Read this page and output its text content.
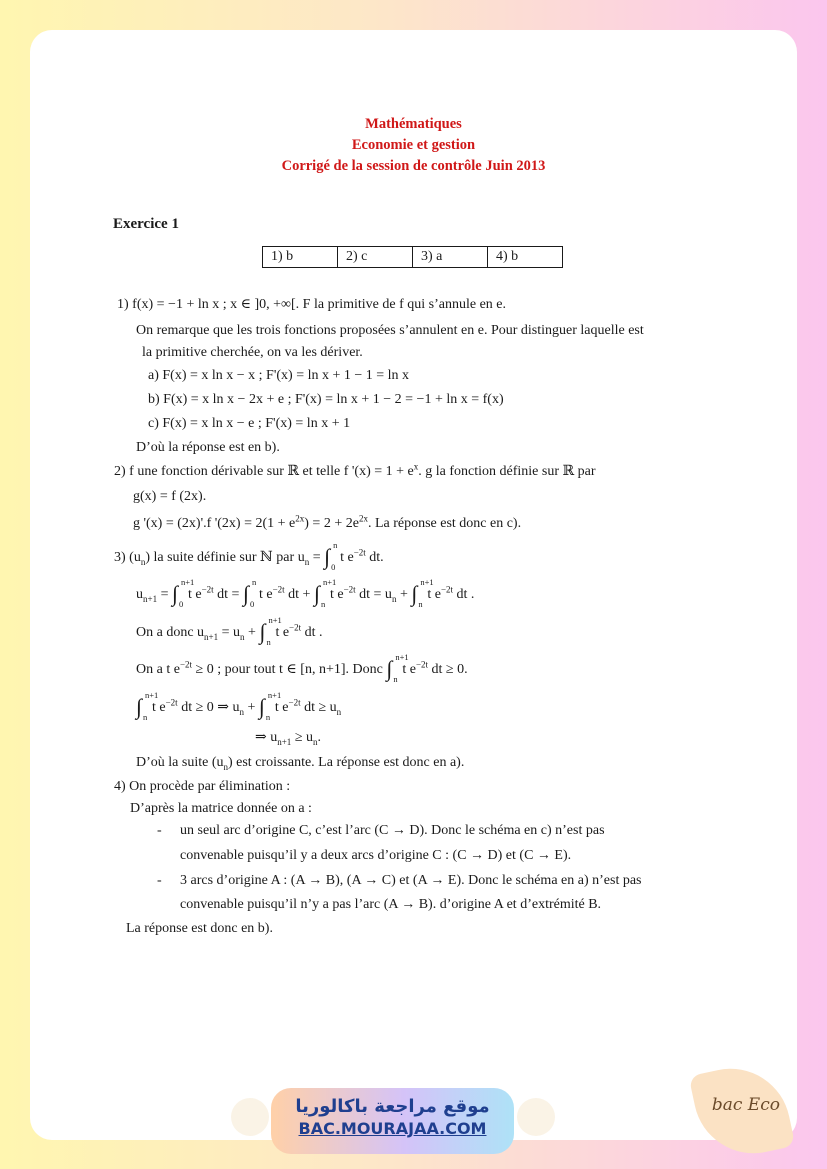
Mathématiques
Economie et gestion
Corrigé de la session de contrôle Juin 2013
Exercice 1
1) b	2) c	3) a	4) b
1) f(x) = −1 + ln x ; x ∈ ]0, +∞[. F la primitive de f qui s’annule en e.
On remarque que les trois fonctions proposées s’annulent en e. Pour distinguer laquelle est
la primitive cherchée, on va les dériver.
a) F(x) = x ln x − x ; F'(x) = ln x + 1 − 1 = ln x
b) F(x) = x ln x − 2x + e ; F'(x) = ln x + 1 − 2 = −1 + ln x = f(x)
c) F(x) = x ln x − e ; F'(x) = ln x + 1
D’où la réponse est en b).
2) f une fonction dérivable sur ℝ et telle f '$(x) = 1 + e^x$. g la fonction définie sur ℝ par
g(x) = f (2x).
g '(x) = (2x)'.f '$(2x) = 2(1 + e^{2x}) = 2 + 2e^{2x}$. La réponse est donc en c).
3) $(u_n)$ la suite définie sur ℕ par $u_n$ = ∫ n
0
t $e^{-2t}$ dt.
$u_{n+1}$ = ∫ n+1
0
t $e^{-2t}$ dt = ∫ n
0
t $e^{-2t}$ dt + ∫ n+1
n
t $e^{-2t}$ dt = $u_n$ + ∫ n+1
n
t $e^{-2t}$ dt .
On a donc $u_{n+1} = u_n$ + ∫ n+1
n
t $e^{-2t}$ dt .
On a t $e^{-2t} \ge 0$ ; pour tout t ∈ [n, n+1]. Donc ∫ n+1
n
t $e^{-2t}$ dt ≥ 0.
∫ n+1
n
t $e^{-2t}$ dt ≥ 0 ⇒ $u_n$ + ∫ n+1
n
t $e^{-2t}$ dt ≥ $u_n$
⇒ $u_{n+1} \ge u_n$.
D’où la suite $(u_n)$ est croissante. La réponse est donc en a).
4) On procède par élimination :
D’après la matrice donnée on a :
- un seul arc d’origine C, c’est l’arc (C → D). Donc le schéma en c) n’est pas
convenable puisqu’il y a deux arcs d’origine C : (C → D) et (C → E).
- 3 arcs d’origine A : (A → B), (A → C) et (A → E). Donc le schéma en a) n’est pas
convenable puisqu’il n’y a pas l’arc (A → B). d’origine A et d’extrémité B.
La réponse est donc en b).
موقع مراجعة باكالوريا
BAC.MOURAJAA.COM
bac Eco
